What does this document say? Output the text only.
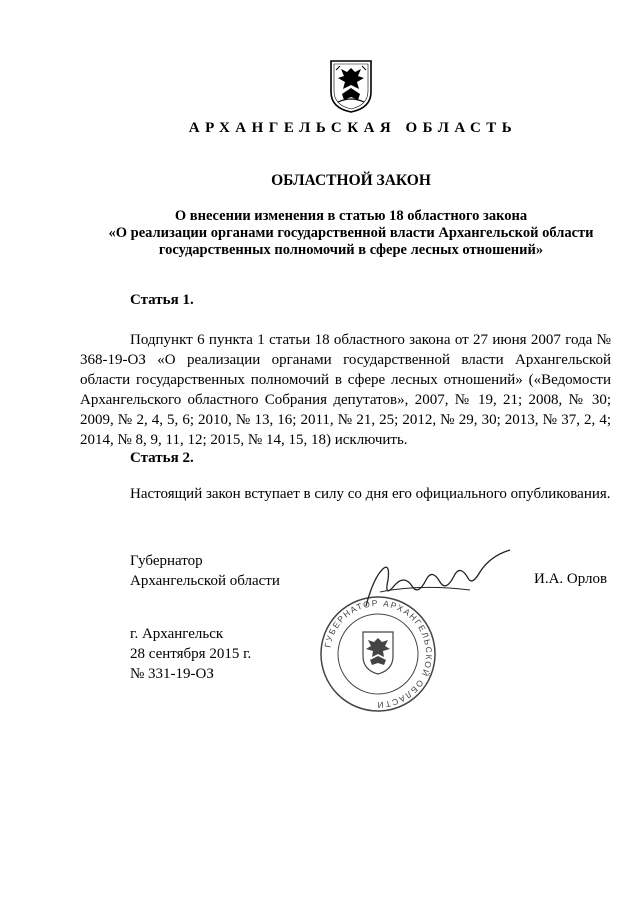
АРХАНГЕЛЬСКАЯ ОБЛАСТЬ
ОБЛАСТНОЙ ЗАКОН
О внесении изменения в статью 18 областного закона
«О реализации органами государственной власти Архангельской области
государственных полномочий в сфере лесных отношений»
Статья 1.

Подпункт 6 пункта 1 статьи 18 областного закона от 27 июня 2007 года № 368-19-ОЗ «О реализации органами государственной власти Архангельской области государственных полномочий в сфере лесных отношений» («Ведомости Архангельского областного Собрания депутатов», 2007, № 19, 21; 2008, № 30; 2009, № 2, 4, 5, 6; 2010, № 13, 16; 2011, № 21, 25; 2012, № 29, 30; 2013, № 37, 2, 4; 2014, № 8, 9, 11, 12; 2015, № 14, 15, 18) исключить.

Статья 2.

Настоящий закон вступает в силу со дня его официального опубликования.

Губернатор
Архангельской области	И.А. Орлов
ГУБЕРНАТОР АРХАНГЕЛЬСКОЙ ОБЛАСТИ
г. Архангельск
28 сентября 2015 г.
№ 331-19-ОЗ
